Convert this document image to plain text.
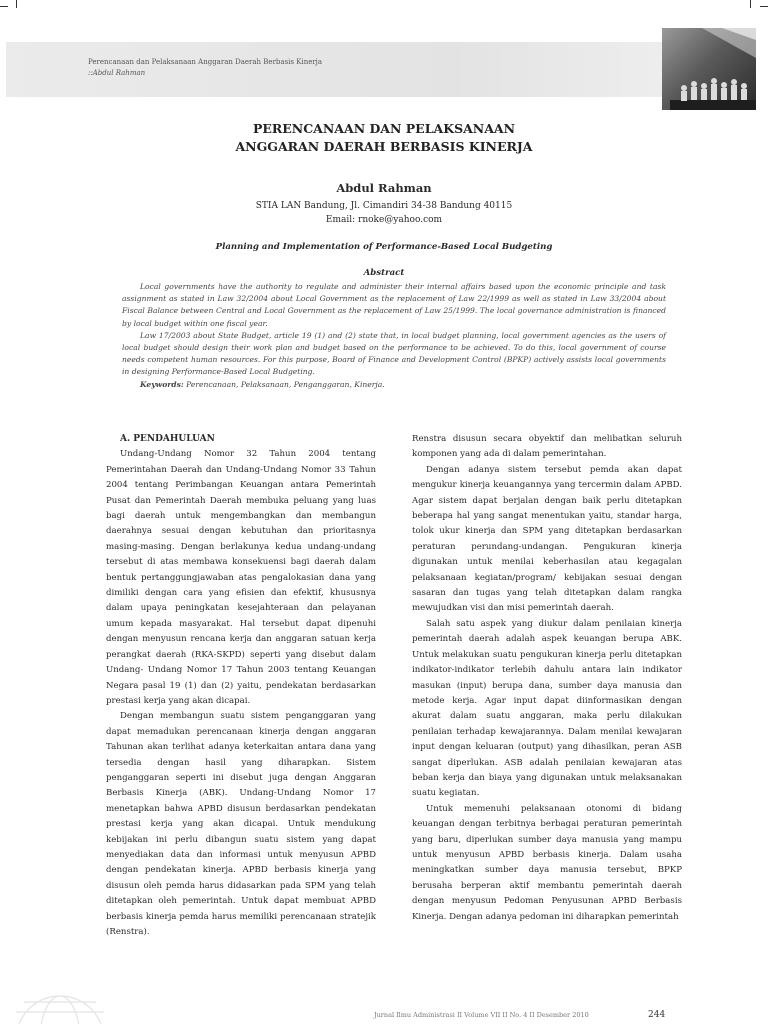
Perencanaan dan Pelaksanaan Anggaran Daerah Berbasis Kinerja
::Abdul Rahman
PERENCANAAN DAN PELAKSANAAN
ANGGARAN DAERAH BERBASIS KINERJA
Abdul Rahman
STIA LAN Bandung, Jl. Cimandiri 34-38 Bandung 40115
Email: rnoke@yahoo.com
Planning and Implementation of Performance-Based Local Budgeting
Abstract

Local governments have the authority to regulate and administer their internal affairs based upon the economic principle and task assignment as stated in Law 32/2004 about Local Government as the replacement of Law 22/1999 as well as stated in Law 33/2004 about Fiscal Balance between Central and Local Government as the replacement of Law 25/1999. The local governance administration is financed by local budget within one fiscal year.

Law 17/2003 about State Budget, article 19 (1) and (2) state that, in local budget planning, local government agencies as the users of local budget should design their work plan and budget based on the performance to be achieved. To do this, local government of course needs competent human resources. For this purpose, Board of Finance and Development Control (BPKP) actively assists local governments in designing Performance-Based Local Budgeting.

Keywords: Perencanaan, Pelaksanaan, Penganggaran, Kinerja.

A. PENDAHULUAN

Undang-Undang Nomor 32 Tahun 2004 tentang Pemerintahan Daerah dan Undang-Undang Nomor 33 Tahun 2004 tentang Perimbangan Keuangan antara Pemerintah Pusat dan Pemerintah Daerah membuka peluang yang luas bagi daerah untuk mengembangkan dan membangun daerahnya sesuai dengan kebutuhan dan prioritasnya masing-masing. Dengan berlakunya kedua undang-undang tersebut di atas membawa konsekuensi bagi daerah dalam bentuk pertanggungjawaban atas pengalokasian dana yang dimiliki dengan cara yang efisien dan efektif, khususnya dalam upaya peningkatan kesejahteraan dan pelayanan umum kepada masyarakat. Hal tersebut dapat dipenuhi dengan menyusun rencana kerja dan anggaran satuan kerja perangkat daerah (RKA-SKPD) seperti yang disebut dalam Undang- Undang Nomor 17 Tahun 2003 tentang Keuangan Negara pasal 19 (1) dan (2) yaitu, pendekatan berdasarkan prestasi kerja yang akan dicapai.

Dengan membangun suatu sistem penganggaran yang dapat memadukan perencanaan kinerja dengan anggaran Tahunan akan terlihat adanya keterkaitan antara dana yang tersedia dengan hasil yang diharapkan. Sistem penganggaran seperti ini disebut juga dengan Anggaran Berbasis Kinerja (ABK). Undang-Undang Nomor 17 menetapkan bahwa APBD disusun berdasarkan pendekatan prestasi kerja yang akan dicapai. Untuk mendukung kebijakan ini perlu dibangun suatu sistem yang dapat menyediakan data dan informasi untuk menyusun APBD dengan pendekatan kinerja. APBD berbasis kinerja yang disusun oleh pemda harus didasarkan pada SPM yang telah ditetapkan oleh pemerintah. Untuk dapat membuat APBD berbasis kinerja pemda harus memiliki perencanaan stratejik (Renstra).

Renstra disusun secara obyektif dan melibatkan seluruh komponen yang ada di dalam pemerintahan.

Dengan adanya sistem tersebut pemda akan dapat mengukur kinerja keuangannya yang tercermin dalam APBD. Agar sistem dapat berjalan dengan baik perlu ditetapkan beberapa hal yang sangat menentukan yaitu, standar harga, tolok ukur kinerja dan SPM yang ditetapkan berdasarkan peraturan perundang-undangan. Pengukuran kinerja digunakan untuk menilai keberhasilan atau kegagalan pelaksanaan kegiatan/program/ kebijakan sesuai dengan sasaran dan tugas yang telah ditetapkan dalam rangka mewujudkan visi dan misi pemerintah daerah.

Salah satu aspek yang diukur dalam penilaian kinerja pemerintah daerah adalah aspek keuangan berupa ABK. Untuk melakukan suatu pengukuran kinerja perlu ditetapkan indikator-indikator terlebih dahulu antara lain indikator masukan (input) berupa dana, sumber daya manusia dan metode kerja. Agar input dapat diinformasikan dengan akurat dalam suatu anggaran, maka perlu dilakukan penilaian terhadap kewajarannya. Dalam menilai kewajaran input dengan keluaran (output) yang dihasilkan, peran ASB sangat diperlukan. ASB adalah penilaian kewajaran atas beban kerja dan biaya yang digunakan untuk melaksanakan suatu kegiatan.

Untuk memenuhi pelaksanaan otonomi di bidang keuangan dengan terbitnya berbagai peraturan pemerintah yang baru, diperlukan sumber daya manusia yang mampu untuk menyusun APBD berbasis kinerja. Dalam usaha meningkatkan sumber daya manusia tersebut, BPKP berusaha berperan aktif membantu pemerintah daerah dengan menyusun Pedoman Penyusunan APBD Berbasis Kinerja. Dengan adanya pedoman ini diharapkan pemerintah

Jurnal Ilmu Administrasi II Volume VII II No. 4 II Desember 2010	244
